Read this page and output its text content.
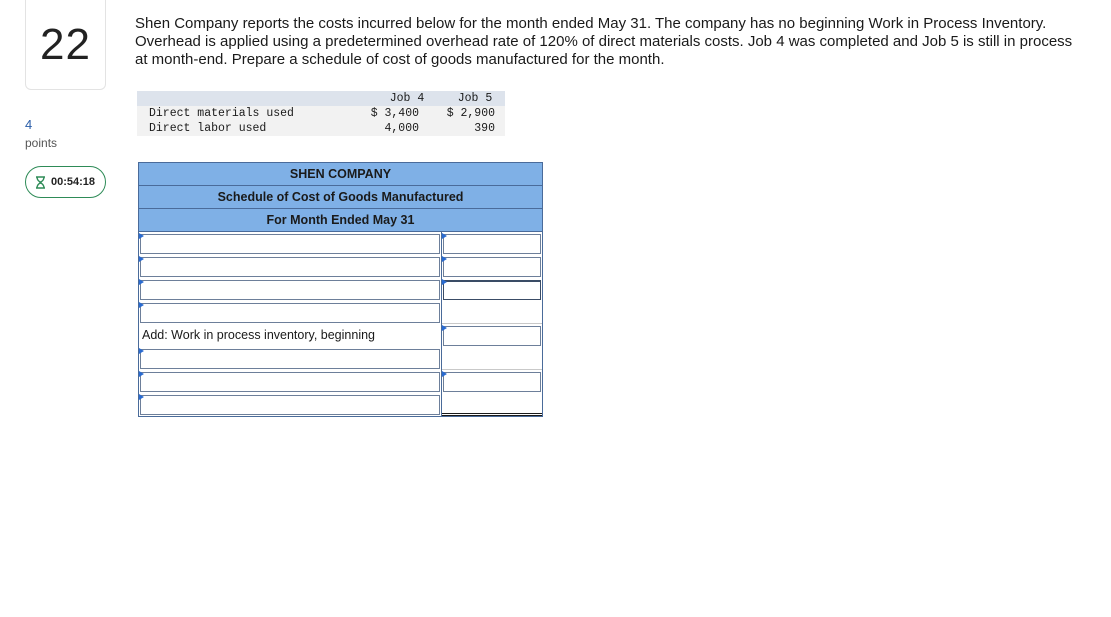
22
4
points
00:54:18
Shen Company reports the costs incurred below for the month ended May 31. The company has no beginning Work in Process Inventory. Overhead is applied using a predetermined overhead rate of 120% of direct materials costs. Job 4 was completed and Job 5 is still in process at month-end. Prepare a schedule of cost of goods manufactured for the month.
	Job 4	Job 5
Direct materials used	$ 3,400	$ 2,900
Direct labor used	4,000	390
SHEN COMPANY
Schedule of Cost of Goods Manufactured
For Month Ended May 31
Add: Work in process inventory, beginning
